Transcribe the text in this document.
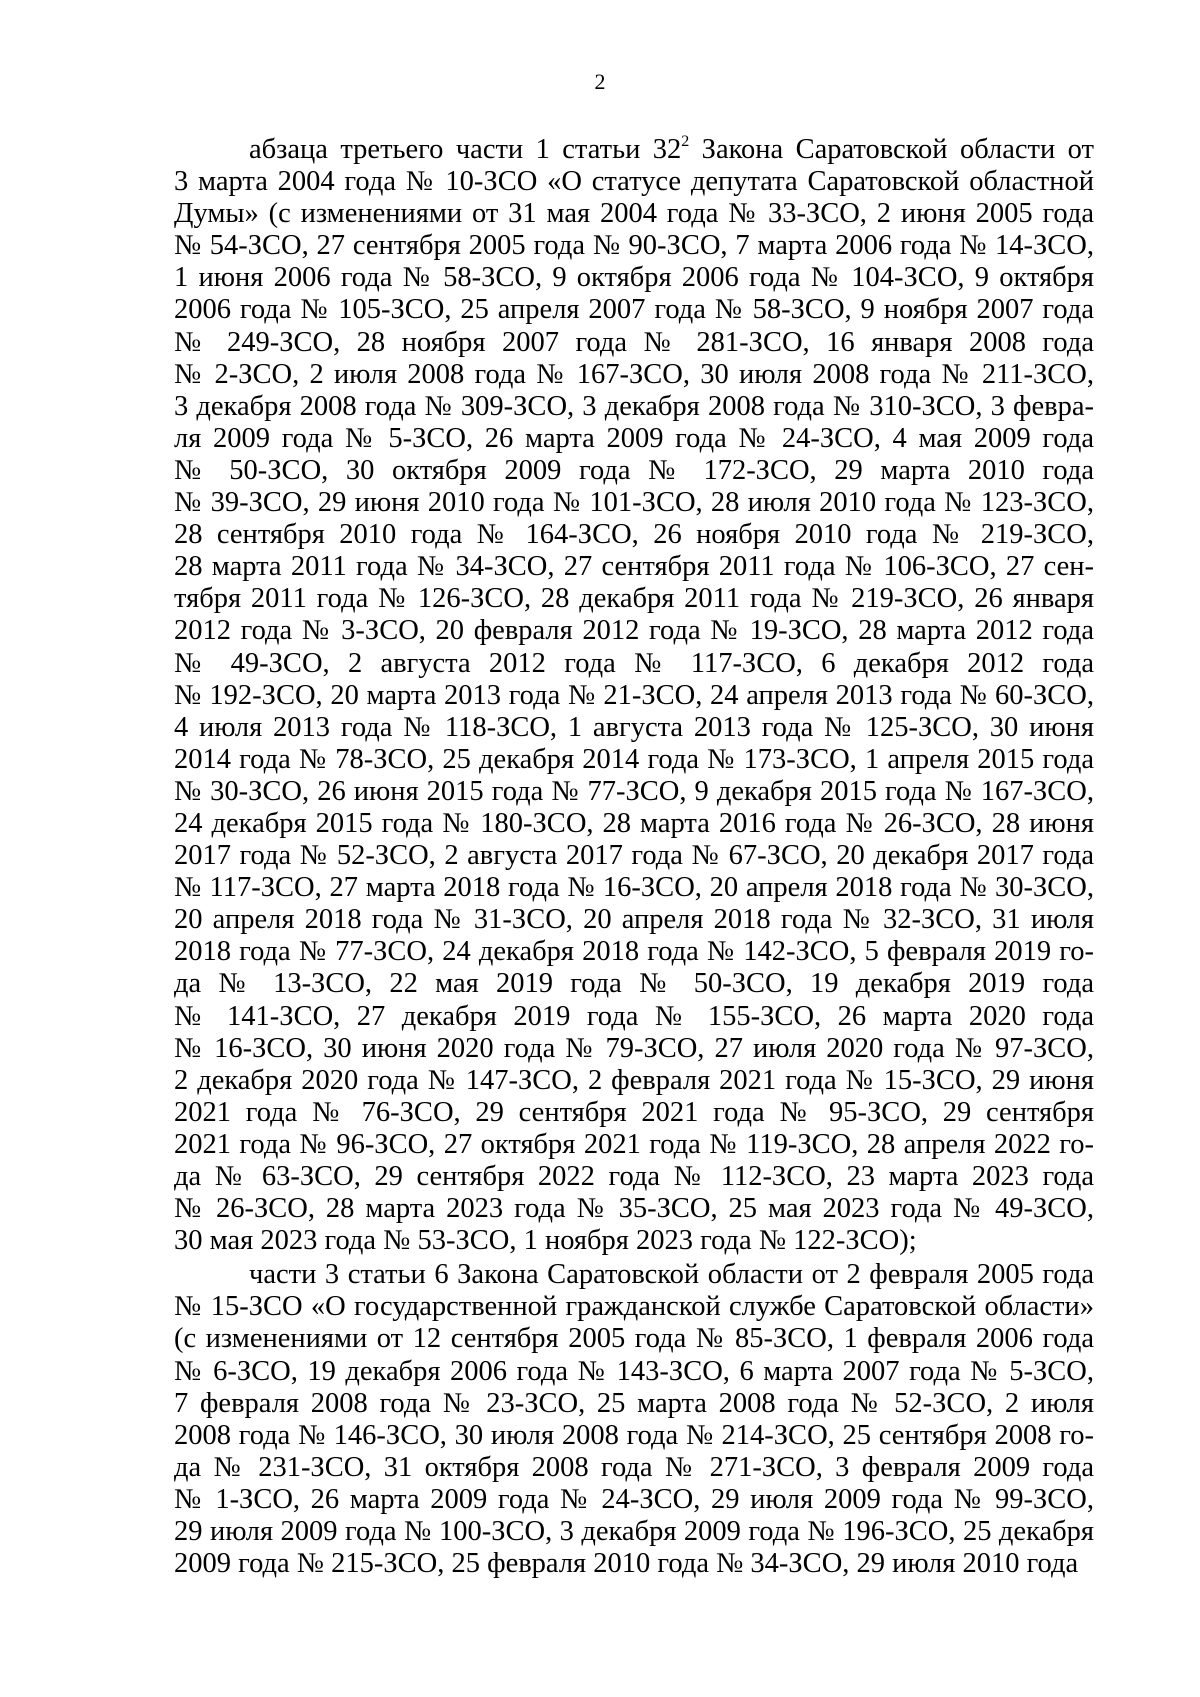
2
абзаца третьего части 1 статьи $32^2$ Закона Саратовской области от
3 марта 2004 года № 10-ЗСО «О статусе депутата Саратовской областной
Думы» (с изменениями от 31 мая 2004 года № 33-ЗСО, 2 июня 2005 года
№ 54-ЗСО, 27 сентября 2005 года № 90-ЗСО, 7 марта 2006 года № 14-ЗСО,
1 июня 2006 года № 58-ЗСО, 9 октября 2006 года № 104-ЗСО, 9 октября
2006 года № 105-ЗСО, 25 апреля 2007 года № 58-ЗСО, 9 ноября 2007 года
№ 249-ЗСО, 28 ноября 2007 года № 281-ЗСО, 16 января 2008 года
№ 2-ЗСО, 2 июля 2008 года № 167-ЗСО, 30 июля 2008 года № 211-ЗСО,
3 декабря 2008 года № 309-ЗСО, 3 декабря 2008 года № 310-ЗСО, 3 февра-
ля 2009 года № 5-ЗСО, 26 марта 2009 года № 24-ЗСО, 4 мая 2009 года
№ 50-ЗСО, 30 октября 2009 года № 172-ЗСО, 29 марта 2010 года
№ 39-ЗСО, 29 июня 2010 года № 101-ЗСО, 28 июля 2010 года № 123-ЗСО,
28 сентября 2010 года № 164-ЗСО, 26 ноября 2010 года № 219-ЗСО,
28 марта 2011 года № 34-ЗСО, 27 сентября 2011 года № 106-ЗСО, 27 сен-
тября 2011 года № 126-ЗСО, 28 декабря 2011 года № 219-ЗСО, 26 января
2012 года № 3-ЗСО, 20 февраля 2012 года № 19-ЗСО, 28 марта 2012 года
№ 49-ЗСО, 2 августа 2012 года № 117-ЗСО, 6 декабря 2012 года
№ 192-ЗСО, 20 марта 2013 года № 21-ЗСО, 24 апреля 2013 года № 60-ЗСО,
4 июля 2013 года № 118-ЗСО, 1 августа 2013 года № 125-ЗСО, 30 июня
2014 года № 78-ЗСО, 25 декабря 2014 года № 173-ЗСО, 1 апреля 2015 года
№ 30-ЗСО, 26 июня 2015 года № 77-ЗСО, 9 декабря 2015 года № 167-ЗСО,
24 декабря 2015 года № 180-ЗСО, 28 марта 2016 года № 26-ЗСО, 28 июня
2017 года № 52-ЗСО, 2 августа 2017 года № 67-ЗСО, 20 декабря 2017 года
№ 117-ЗСО, 27 марта 2018 года № 16-ЗСО, 20 апреля 2018 года № 30-ЗСО,
20 апреля 2018 года № 31-ЗСО, 20 апреля 2018 года № 32-ЗСО, 31 июля
2018 года № 77-ЗСО, 24 декабря 2018 года № 142-ЗСО, 5 февраля 2019 го-
да № 13-ЗСО, 22 мая 2019 года № 50-ЗСО, 19 декабря 2019 года
№ 141-ЗСО, 27 декабря 2019 года № 155-ЗСО, 26 марта 2020 года
№ 16-ЗСО, 30 июня 2020 года № 79-ЗСО, 27 июля 2020 года № 97-ЗСО,
2 декабря 2020 года № 147-ЗСО, 2 февраля 2021 года № 15-ЗСО, 29 июня
2021 года № 76-ЗСО, 29 сентября 2021 года № 95-ЗСО, 29 сентября
2021 года № 96-ЗСО, 27 октября 2021 года № 119-ЗСО, 28 апреля 2022 го-
да № 63-ЗСО, 29 сентября 2022 года № 112-ЗСО, 23 марта 2023 года
№ 26-ЗСО, 28 марта 2023 года № 35-ЗСО, 25 мая 2023 года № 49-ЗСО,
30 мая 2023 года № 53-ЗСО, 1 ноября 2023 года № 122-ЗСО);
части 3 статьи 6 Закона Саратовской области от 2 февраля 2005 года
№ 15-ЗСО «О государственной гражданской службе Саратовской области»
(с изменениями от 12 сентября 2005 года № 85-ЗСО, 1 февраля 2006 года
№ 6-ЗСО, 19 декабря 2006 года № 143-ЗСО, 6 марта 2007 года № 5-ЗСО,
7 февраля 2008 года № 23-ЗСО, 25 марта 2008 года № 52-ЗСО, 2 июля
2008 года № 146-ЗСО, 30 июля 2008 года № 214-ЗСО, 25 сентября 2008 го-
да № 231-ЗСО, 31 октября 2008 года № 271-ЗСО, 3 февраля 2009 года
№ 1-ЗСО, 26 марта 2009 года № 24-ЗСО, 29 июля 2009 года № 99-ЗСО,
29 июля 2009 года № 100-ЗСО, 3 декабря 2009 года № 196-ЗСО, 25 декабря
2009 года № 215-ЗСО, 25 февраля 2010 года № 34-ЗСО, 29 июля 2010 года
